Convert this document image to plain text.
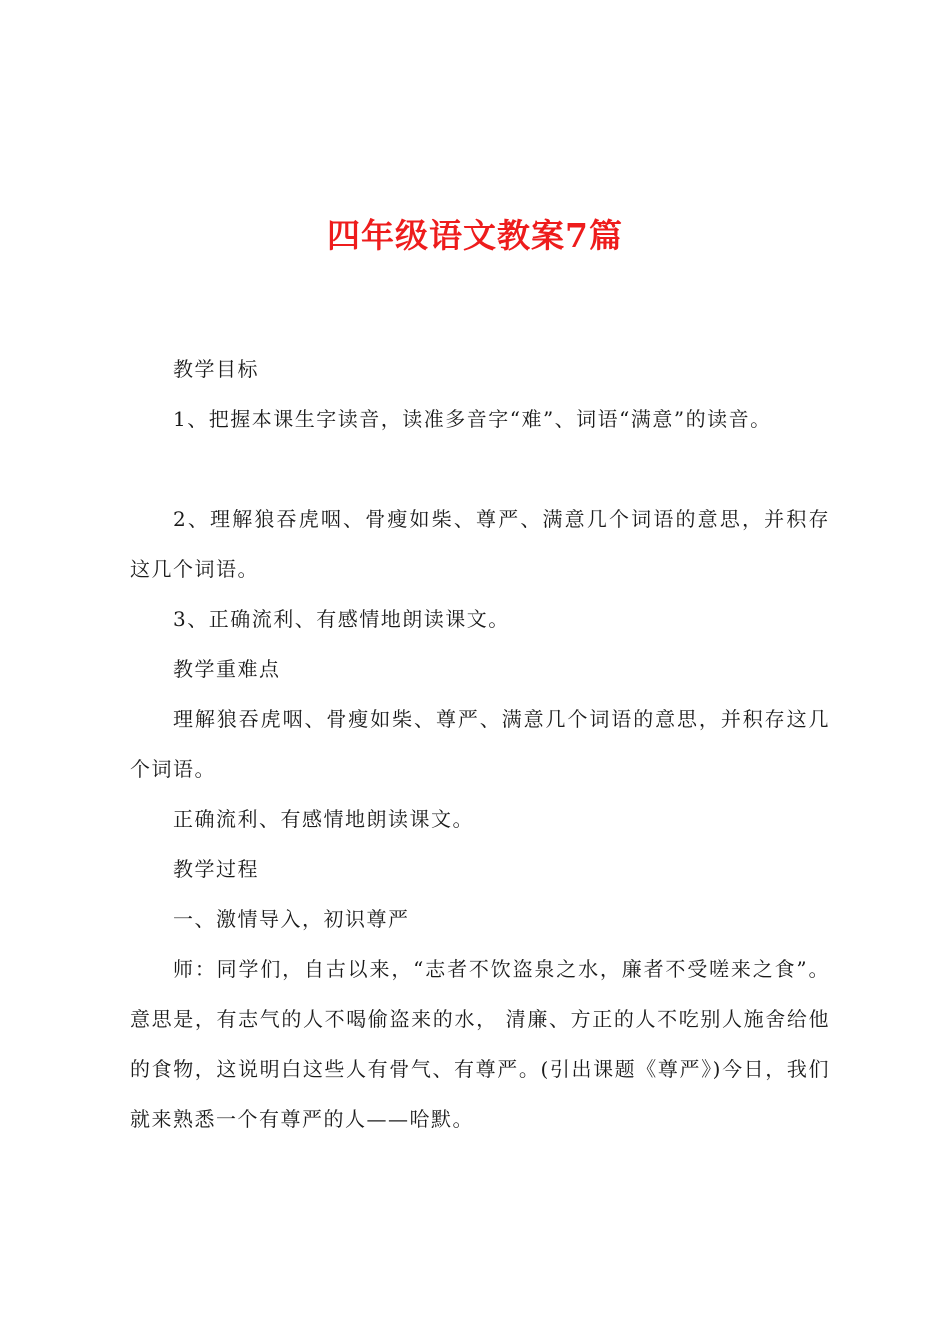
四年级语文教案7篇

教学目标

1、把握本课生字读音，读准多音字“难”、词语“满意”的读音。

2、理解狼吞虎咽、骨瘦如柴、尊严、满意几个词语的意思，并积存这几个词语。

3、正确流利、有感情地朗读课文。

教学重难点

理解狼吞虎咽、骨瘦如柴、尊严、满意几个词语的意思，并积存这几个词语。

正确流利、有感情地朗读课文。

教学过程

一、激情导入，初识尊严

师：同学们，自古以来，“志者不饮盗泉之水，廉者不受嗟来之食”。意思是，有志气的人不喝偷盗来的水， 清廉、方正的人不吃别人施舍给他的食物，这说明白这些人有骨气、有尊严。(引出课题《尊严》)今日，我们就来熟悉一个有尊严的人——哈默。
